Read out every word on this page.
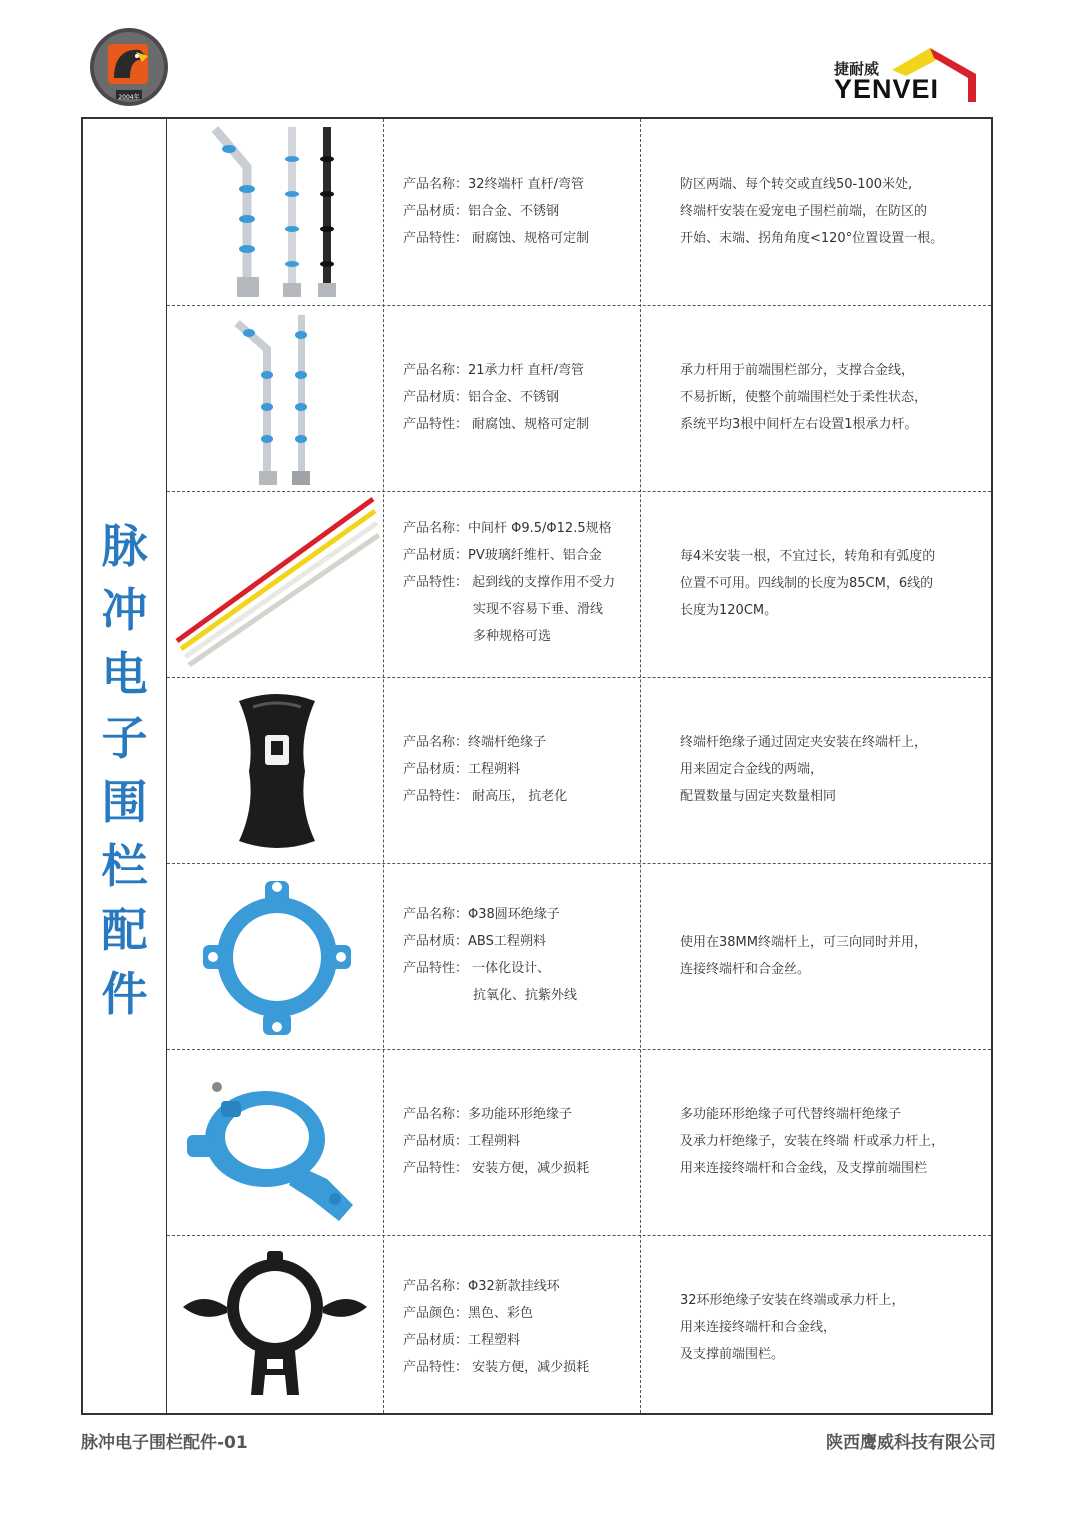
2004年
捷耐威
YENVEI
脉
冲
电
子
围
栏
配
件
产品名称：32终端杆 直杆/弯管
产品材质：铝合金、不锈钢
产品特性： 耐腐蚀、规格可定制
防区两端、每个转交或直线50-100米处,
终端杆安装在爱宠电子围栏前端，在防区的
开始、末端、拐角角度<120°位置设置一根。
产品名称：21承力杆 直杆/弯管
产品材质：铝合金、不锈钢
产品特性： 耐腐蚀、规格可定制
承力杆用于前端围栏部分，支撑合金线，
不易折断，使整个前端围栏处于柔性状态，
系统平均3根中间杆左右设置1根承力杆。
产品名称：中间杆 Φ9.5/Φ12.5规格
产品材质：PV玻璃纤维杆、铝合金
产品特性： 起到线的支撑作用不受力
实现不容易下垂、滑线
多种规格可选
每4米安装一根，不宜过长，转角和有弧度的
位置不可用。四线制的长度为85CM，6线的
长度为120CM。
产品名称：终端杆绝缘子
产品材质：工程朔料
产品特性： 耐高压， 抗老化
终端杆绝缘子通过固定夹安装在终端杆上，
用来固定合金线的两端，
配置数量与固定夹数量相同
产品名称：Φ38圆环绝缘子
产品材质：ABS工程朔料
产品特性： 一体化设计、
抗氧化、抗紫外线
使用在38MM终端杆上，可三向同时并用，
连接终端杆和合金丝。
产品名称：多功能环形绝缘子
产品材质：工程朔料
产品特性： 安装方便，减少损耗
多功能环形绝缘子可代替终端杆绝缘子
及承力杆绝缘子，安装在终端 杆或承力杆上，
用来连接终端杆和合金线，及支撑前端围栏
产品名称：Φ32新款挂线环
产品颜色：黑色、彩色
产品材质：工程塑料
产品特性： 安装方便，减少损耗
32环形绝缘子安装在终端或承力杆上，
用来连接终端杆和合金线，
及支撑前端围栏。
脉冲电子围栏配件-01	陕西鹰威科技有限公司
